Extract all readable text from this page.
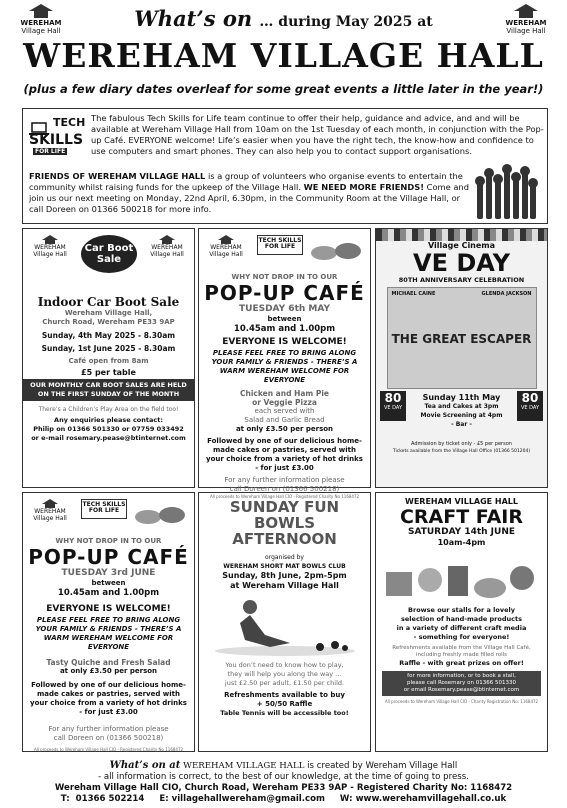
WEREHAM
Village Hall
WEREHAM
Village Hall
What’s on … during May 2025 at
WEREHAM VILLAGE HALL
(plus a few diary dates overleaf for some great events a little later in the year!)
TECH
SKILLS
FOR LIFE

The fabulous Tech Skills for Life team continue to offer their help, guidance and advice, and and will be available at Wereham Village Hall from 10am on the 1st Tuesday of each month, in conjunction with the Pop-up Café. EVERYONE welcome! Life’s easier when you have the right tech, the know-how and confidence to use computers and smart phones. They can also help you to contact support organisations.

FRIENDS OF WEREHAM VILLAGE HALL is a group of volunteers who organise events to entertain the community whilst raising funds for the upkeep of the Village Hall. WE NEED MORE FRIENDS! Come and join us our next meeting on Monday, 22nd April, 6.30pm, in the Community Room at the Village Hall, or call Doreen on 01366 500218 for more info.

WEREHAM
Village Hall
WEREHAM
Village Hall
Car Boot Sale
Indoor Car Boot Sale
Wereham Village Hall,
Church Road, Wereham PE33 9AP
Sunday, 4th May 2025 - 8.30am
Sunday, 1st June 2025 - 8.30am
Café open from 8am
£5 per table
OUR MONTHLY CAR BOOT SALES ARE HELD ON THE FIRST SUNDAY OF THE MONTH
There’s a Children’s Play Area on the field too!
Any enquiries please contact:
Philip on 01366 501330 or 07759 033492
or e-mail rosemary.pease@btinternet.com
WEREHAM
Village Hall
TECH SKILLS
FOR LIFE
WHY NOT DROP IN TO OUR
POP-UP CAFÉ
TUESDAY 6th MAY
between
10.45am and 1.00pm
EVERYONE IS WELCOME!
PLEASE FEEL FREE TO BRING ALONG YOUR FAMILY & FRIENDS - THERE’S A WARM WEREHAM WELCOME FOR EVERYONE
Chicken and Ham Pie
or Veggie Pizza
each served with
Salad and Garlic Bread
at only £3.50 per person
Followed by one of our delicious home-made cakes or pastries, served with your choice from a variety of hot drinks
- for just £3.00
For any further information please
call Doreen on (01366 500218)
All proceeds to Wereham Village Hall CIO - Registered Charity No 1168472
Village Cinema
VE DAY
80TH ANNIVERSARY CELEBRATION
MICHAEL CAINE	GLENDA JACKSON
THE GREAT ESCAPER
80
VE DAY
80
VE DAY
Sunday 11th May
Tea and Cakes at 3pm
Movie Screening at 4pm
- Bar -
Admission by ticket only - £5 per person
Tickets available from the Village Hall Office (01366 501204)
WEREHAM
Village Hall
TECH SKILLS
FOR LIFE
WHY NOT DROP IN TO OUR
POP-UP CAFÉ
TUESDAY 3rd JUNE
between
10.45am and 1.00pm
EVERYONE IS WELCOME!
PLEASE FEEL FREE TO BRING ALONG YOUR FAMILY & FRIENDS - THERE’S A WARM WEREHAM WELCOME FOR EVERYONE
Tasty Quiche and Fresh Salad
at only £3.50 per person
Followed by one of our delicious home-made cakes or pastries, served with your choice from a variety of hot drinks
- for just £3.00
For any further information please
call Doreen on (01366 500218)
All proceeds to Wereham Village Hall CIO - Registered Charity No 1168472
SUNDAY FUN
BOWLS
AFTERNOON
organised by
WEREHAM SHORT MAT BOWLS CLUB
Sunday, 8th June, 2pm-5pm
at Wereham Village Hall
You don’t need to know how to play,
they will help you along the way ...
just £2.50 per adult, £1.50 per child.
Refreshments available to buy
+ 50/50 Raffle
Table Tennis will be accessible too!
WEREHAM VILLAGE HALL
CRAFT FAIR
SATURDAY 14th JUNE
10am-4pm
Browse our stalls for a lovely
selection of hand-made products
in a variety of different craft media
- something for everyone!
Refreshments available from the Village Hall Café,
including freshly made filled rolls
Raffle - with great prizes on offer!
for more information, or to book a stall,
please call Rosemary on 01366 501330
or email Rosemary.pease@btinternet.com
All proceeds to Wereham Village Hall CIO - Charity Registration No: 1168472
What’s on at WEREHAM VILLAGE HALL is created by Wereham Village Hall
- all information is correct, to the best of our knowledge, at the time of going to press.
Wereham Village Hall CIO, Church Road, Wereham PE33 9AP - Registered Charity No: 1168472
T:  01366 502214     E: villagehallwereham@gmail.com     W: www.werehamvillagehall.co.uk
